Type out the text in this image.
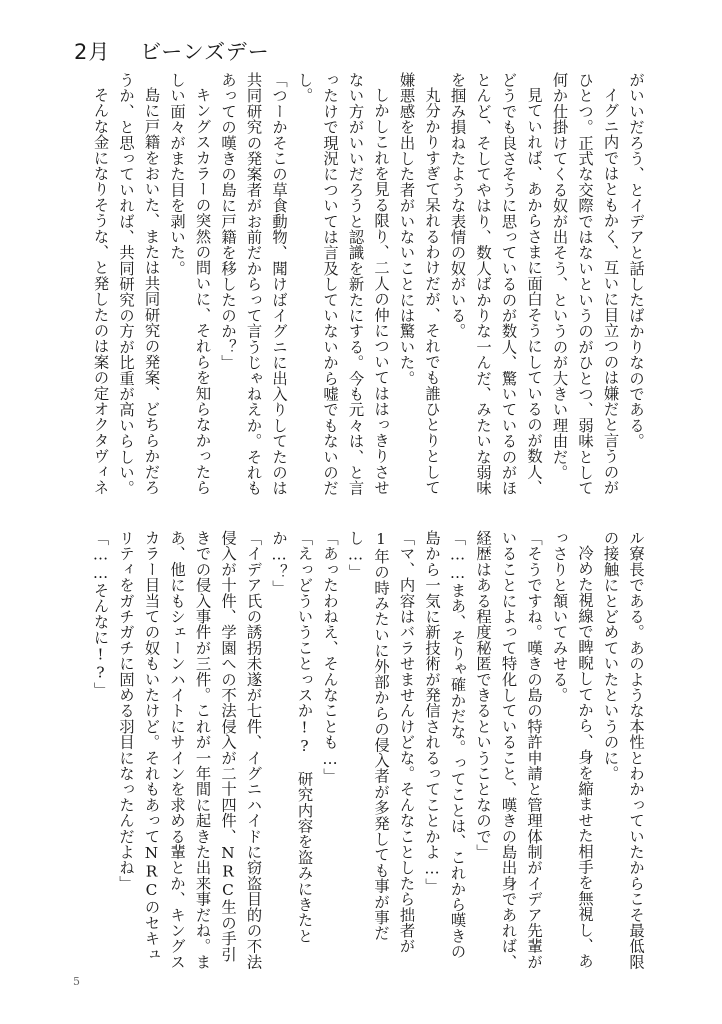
2月 ビーンズデー

がいいだろう、とイデアと話したばかりなのである。

イグニ内ではともかく、互いに目立つのは嫌だと言うのがひとつ。正式な交際ではないというのがひとつ、弱味として何か仕掛けてくる奴が出そう、というのが大きい理由だ。

見ていれば、あからさまに面白そうにしているのが数人、どうでも良さそうに思っているのが数人、驚いているのがほとんど、そしてやはり、数人ばかりな一んだ、みたいな弱味を掴み損ねたような表情の奴がいる。

丸分かりすぎて呆れるわけだが、それでも誰ひとりとして嫌悪感を出した者がいないことには驚いた。

しかしこれを見る限り、二人の仲についてははっきりさせない方がいいだろうと認識を新たにする。今も元々は、と言ったけで現況については言及していないから嘘でもないのだし。

「つーかそこの草食動物、聞けばイグニに出入りしてたのは共同研究の発案者がお前だからって言うじゃねえか。それもあっての嘆きの島に戸籍を移したのか？」

キングスカラーの突然の問いに、それらを知らなかったらしい面々がまた目を剥いた。

島に戸籍をおいた、または共同研究の発案、どちらかだろうか、と思っていれば、共同研究の方が比重が高いらしい。

そんな金になりそうな、と発したのは案の定オクタヴィネ

ル寮長である。あのような本性とわかっていたからこそ最低限の接触にとどめていたというのに。

冷めた視線で睥睨してから、身を縮ませた相手を無視し、あっさりと頷いてみせる。

「そうですね。嘆きの島の特許申請と管理体制がイデア先輩がいることによって特化していること、嘆きの島出身であれば、経歴はある程度秘匿できるということなので」

「……まあ、そりゃ確かだな。ってことは、これから嘆きの島から一気に新技術が発信されるってことかよ…」

「マ、内容はバラせませんけどな。そんなことしたら拙者が1年の時みたいに外部からの侵入者が多発しても事が事だし…」

「あったわねえ、そんなことも…」

「えっどういうことっスか!?　研究内容を盗みにきたとか…？」

「イデア氏の誘拐未遂が七件、イグニハイドに窃盗目的の不法侵入が十件、学園への不法侵入が二十四件、NRC生の手引きでの侵入事件が三件。これが一年間に起きた出来事だね。まあ、他にもシェーンハイトにサインを求める輩とか、キングスカラー目当ての奴もいたけど。それもあってNRCのセキュリティをガチガチに固める羽目になったんだよね」

「……そんなに!?」

5
